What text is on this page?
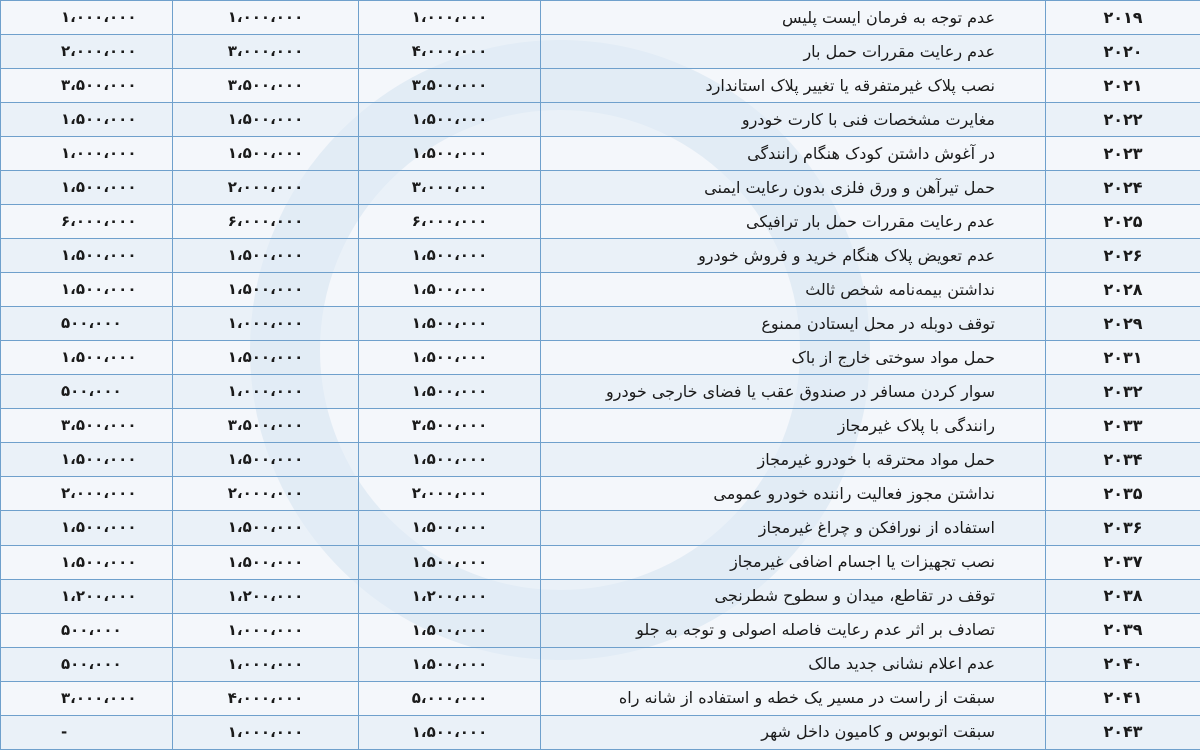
۲۰۱۹	عدم توجه به فرمان ایست پلیس	۱،۰۰۰،۰۰۰	۱،۰۰۰،۰۰۰	۱،۰۰۰،۰۰۰
۲۰۲۰	عدم رعایت مقررات حمل بار	۴،۰۰۰،۰۰۰	۳،۰۰۰،۰۰۰	۲،۰۰۰،۰۰۰
۲۰۲۱	نصب پلاک غیرمتفرقه یا تغییر پلاک استاندارد	۳،۵۰۰،۰۰۰	۳،۵۰۰،۰۰۰	۳،۵۰۰،۰۰۰
۲۰۲۲	مغایرت مشخصات فنی با کارت خودرو	۱،۵۰۰،۰۰۰	۱،۵۰۰،۰۰۰	۱،۵۰۰،۰۰۰
۲۰۲۳	در آغوش داشتن کودک هنگام رانندگی	۱،۵۰۰،۰۰۰	۱،۵۰۰،۰۰۰	۱،۰۰۰،۰۰۰
۲۰۲۴	حمل تیرآهن و ورق فلزی بدون رعایت ایمنی	۳،۰۰۰،۰۰۰	۲،۰۰۰،۰۰۰	۱،۵۰۰،۰۰۰
۲۰۲۵	عدم رعایت مقررات حمل بار ترافیکی	۶،۰۰۰،۰۰۰	۶،۰۰۰،۰۰۰	۶،۰۰۰،۰۰۰
۲۰۲۶	عدم تعویض پلاک هنگام خرید و فروش خودرو	۱،۵۰۰،۰۰۰	۱،۵۰۰،۰۰۰	۱،۵۰۰،۰۰۰
۲۰۲۸	نداشتن بیمه‌نامه شخص ثالث	۱،۵۰۰،۰۰۰	۱،۵۰۰،۰۰۰	۱،۵۰۰،۰۰۰
۲۰۲۹	توقف دوبله در محل ایستادن ممنوع	۱،۵۰۰،۰۰۰	۱،۰۰۰،۰۰۰	۵۰۰،۰۰۰
۲۰۳۱	حمل مواد سوختی خارج از باک	۱،۵۰۰،۰۰۰	۱،۵۰۰،۰۰۰	۱،۵۰۰،۰۰۰
۲۰۳۲	سوار کردن مسافر در صندوق عقب یا فضای خارجی خودرو	۱،۵۰۰،۰۰۰	۱،۰۰۰،۰۰۰	۵۰۰،۰۰۰
۲۰۳۳	رانندگی با پلاک غیرمجاز	۳،۵۰۰،۰۰۰	۳،۵۰۰،۰۰۰	۳،۵۰۰،۰۰۰
۲۰۳۴	حمل مواد محترقه با خودرو غیرمجاز	۱،۵۰۰،۰۰۰	۱،۵۰۰،۰۰۰	۱،۵۰۰،۰۰۰
۲۰۳۵	نداشتن مجوز فعالیت راننده خودرو عمومی	۲،۰۰۰،۰۰۰	۲،۰۰۰،۰۰۰	۲،۰۰۰،۰۰۰
۲۰۳۶	استفاده از نورافکن و چراغ غیرمجاز	۱،۵۰۰،۰۰۰	۱،۵۰۰،۰۰۰	۱،۵۰۰،۰۰۰
۲۰۳۷	نصب تجهیزات یا اجسام اضافی غیرمجاز	۱،۵۰۰،۰۰۰	۱،۵۰۰،۰۰۰	۱،۵۰۰،۰۰۰
۲۰۳۸	توقف در تقاطع، میدان و سطوح شطرنجی	۱،۲۰۰،۰۰۰	۱،۲۰۰،۰۰۰	۱،۲۰۰،۰۰۰
۲۰۳۹	تصادف بر اثر عدم رعایت فاصله اصولی و توجه به جلو	۱،۵۰۰،۰۰۰	۱،۰۰۰،۰۰۰	۵۰۰،۰۰۰
۲۰۴۰	عدم اعلام نشانی جدید مالک	۱،۵۰۰،۰۰۰	۱،۰۰۰،۰۰۰	۵۰۰،۰۰۰
۲۰۴۱	سبقت از راست در مسیر یک خطه و استفاده از شانه راه	۵،۰۰۰،۰۰۰	۴،۰۰۰،۰۰۰	۳،۰۰۰،۰۰۰
۲۰۴۳	سبقت اتوبوس و کامیون داخل شهر	۱،۵۰۰،۰۰۰	۱،۰۰۰،۰۰۰	-
